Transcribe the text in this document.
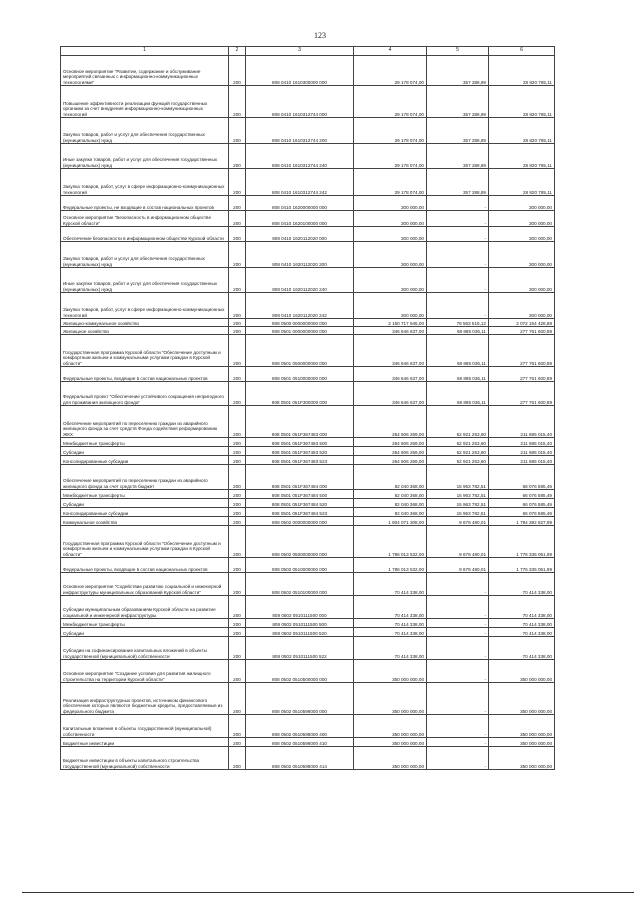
123
1	2	3	4	5	6
Основное мероприятие "Развитие, содержание и обслуживание мероприятий связанных с информационно-коммуникационных технологиями"	200	808 0410 1610300000 000	29 178 074,00	357 288,89	28 820 785,11
Повышение эффективности реализации функций государственных органами за счет внедрения информационно-коммуникационных технологий	200	808 0410 1610312744 000	29 178 074,00	357 288,89	28 820 785,11
Закупка товаров, работ и услуг для обеспечения государственных (муниципальных) нужд	200	808 0410 1610312744 200	29 178 074,00	357 288,89	28 820 785,11
Иные закупки товаров, работ и услуг для обеспечения государственных (муниципальных) нужд	200	808 0410 1610312744 240	29 178 074,00	357 288,89	28 820 785,11
Закупка товаров, работ, услуг в сфере информационно-коммуникационных технологий	200	808 0410 1610312744 242	29 178 074,00	357 288,89	28 820 785,11
Федеральные проекты, не входящие в состав национальных проектов	200	808 0410 1620000000 000	300 000,00	-	300 000,00
Основное мероприятие "Безопасность в информационном обществе Курской области"	200	808 0410 1620100000 000	300 000,00	-	300 000,00
Обеспечение безопасности в информационном обществе Курской области	200	808 0410 1620112020 000	300 000,00	-	300 000,00
Закупка товаров, работ и услуг для обеспечения государственных (муниципальных) нужд	200	808 0410 1620112020 200	300 000,00	-	300 000,00
Иные закупки товаров, работ и услуг для обеспечения государственных (муниципальных) нужд	200	808 0410 1620112020 240	300 000,00	-	300 000,00
Закупка товаров, работ, услуг в сфере информационно-коммуникационных технологий	200	808 0410 1620112020 242	300 000,00	-	300 000,00
Жилищно-коммунальное хозяйство	200	808 0500 0000000000 000	2 150 717 945,00	78 563 516,12	2 072 154 428,88
Жилищное хозяйство	200	808 0501 0000000000 000	346 646 637,00	68 885 036,11	277 761 600,89
Государственная программа Курской области "Обеспечение доступным и комфортным жильем и коммунальными услугами граждан в Курской области"	200	808 0501 0500000000 000	346 646 637,00	68 885 036,11	277 761 600,89
Федеральные проекты, входящие в состав национальных проектов	200	808 0501 0510000000 000	346 646 637,00	68 885 036,11	277 761 600,89
Федеральный проект "Обеспечение устойчивого сокращения непригодного для проживания жилищного фонда"	200	808 0501 051F300000 000	346 646 637,00	68 885 036,11	277 761 600,89
Обеспечение мероприятий по переселению граждан из аварийного жилищного фонда за счет средств Фонда содействия реформированию ЖКХ	200	808 0501 051F367483 000	264 606 269,00	52 921 253,60	211 685 015,40
Межбюджетные трансферты	200	808 0501 051F367483 500	264 606 269,00	52 921 253,60	211 685 015,40
Субсидии	200	808 0501 051F367483 520	264 606 269,00	52 921 253,60	211 685 015,40
Консолидированные субсидии	200	808 0501 051F367483 523	264 606 269,00	52 921 253,60	211 685 015,40
Обеспечение мероприятий по переселению граждан из аварийного жилищного фонда за счет средств бюджет	200	808 0501 051F367484 000	82 040 368,00	15 963 782,51	66 076 585,49
Межбюджетные трансферты	200	808 0501 051F367484 500	82 040 368,00	15 963 782,51	66 076 585,49
Субсидии	200	808 0501 051F367484 520	82 040 368,00	15 963 782,51	66 076 585,49
Консолидированные субсидии	200	808 0501 051F367484 523	82 040 368,00	15 963 782,51	66 076 585,49
Коммунальное хозяйство	200	808 0502 0000000000 000	1 804 071 308,00	9 678 480,01	1 794 392 827,99
Государственная программа Курской области "Обеспечение доступным и комфортным жильем и коммунальными услугами граждан в Курской области"	200	808 0502 0500000000 000	1 786 013 532,00	9 678 480,01	1 776 335 051,99
Федеральные проекты, входящие в состав национальных проектов	200	808 0502 0510000000 000	1 786 013 532,00	9 678 480,01	1 776 335 051,99
Основное мероприятие "Содействие развитию социальной и инженерной инфраструктуры муниципальных образований Курской области"	200	808 0502 0510100000 000	70 414 338,00	-	70 414 338,00
Субсидии муниципальным образованиям Курской области на развитие социальной и инженерной инфраструктуры	200	808 0502 0510111500 000	70 414 338,00	-	70 414 338,00
Межбюджетные трансферты	200	808 0502 0510111500 500	70 414 338,00	-	70 414 338,00
Субсидии	200	808 0502 0510111500 520	70 414 338,00	-	70 414 338,00
Субсидии на софинансирование капитальных вложений в объекты государственной (муниципальной) собственности	200	808 0502 0510111500 522	70 414 338,00	-	70 414 338,00
Основное мероприятие "Создание условия для развития жилищного строительства на территории Курской области"	200	808 0502 0510500000 000	350 000 000,00	-	350 000 000,00
Реализация инфраструктурных проектов, источником финансового обеспечения которых являются бюджетные кредиты, предоставляемые из федерального бюджета	200	808 0502 0510598000 000	350 000 000,00	-	350 000 000,00
Капитальные вложения в объекты государственной (муниципальной) собственности	200	808 0502 0510598000 400	350 000 000,00	-	350 000 000,00
Бюджетные инвестиции	200	808 0502 0510598000 410	350 000 000,00	-	350 000 000,00
Бюджетные инвестиции в объекты капитального строительства государственной (муниципальной) собственности	200	808 0502 0510598000 414	350 000 000,00	-	350 000 000,00
